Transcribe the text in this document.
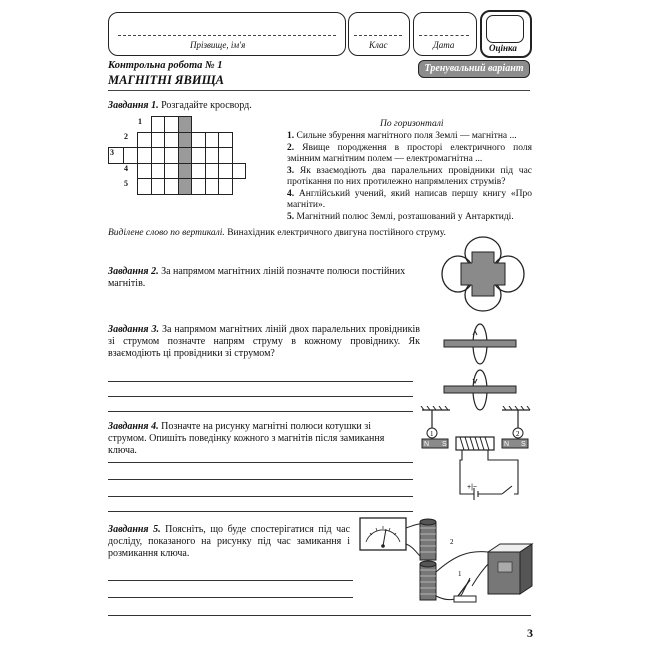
Прізвище, ім'я	Клас	Дата	Оцінка
Контрольна робота № 1
МАГНІТНІ ЯВИЩА
Тренувальний варіант
Завдання 1. Розгадайте кросворд.
		1							
	2								
3									
	4								
	5								
По горизонталі
1. Сильне збурення магнітного поля Землі — магнітна ...
2. Явище породження в просторі електричного поля змінним магнітним полем — електромагнітна ...
3. Як взаємодіють два паралельних провідники під час протікання по них протилежно напрямлених струмів?
4. Англійський учений, який написав першу книгу «Про магніти».
5. Магнітний полюс Землі, розташований у Антарктиді.
Виділене слово по вертикалі. Винахідник електричного двигуна постійного струму.
Завдання 2. За напрямом магнітних ліній позначте полюси постійних магнітів.
Завдання 3. За напрямом магнітних ліній двох паралельних провідників зі струмом позначте напрям струму в кожному провіднику. Як взаємодіють ці провідники зі струмом?
Завдання 4. Позначте на рисунку магнітні полюси котушки зі струмом. Опишіть поведінку кожного з магнітів після замикання ключа.
1	2
N S	N S
+|−
Завдання 5. Поясніть, що буде спостерігатися під час досліду, показаного на рисунку під час замикання і розмикання ключа.
1
2
3
